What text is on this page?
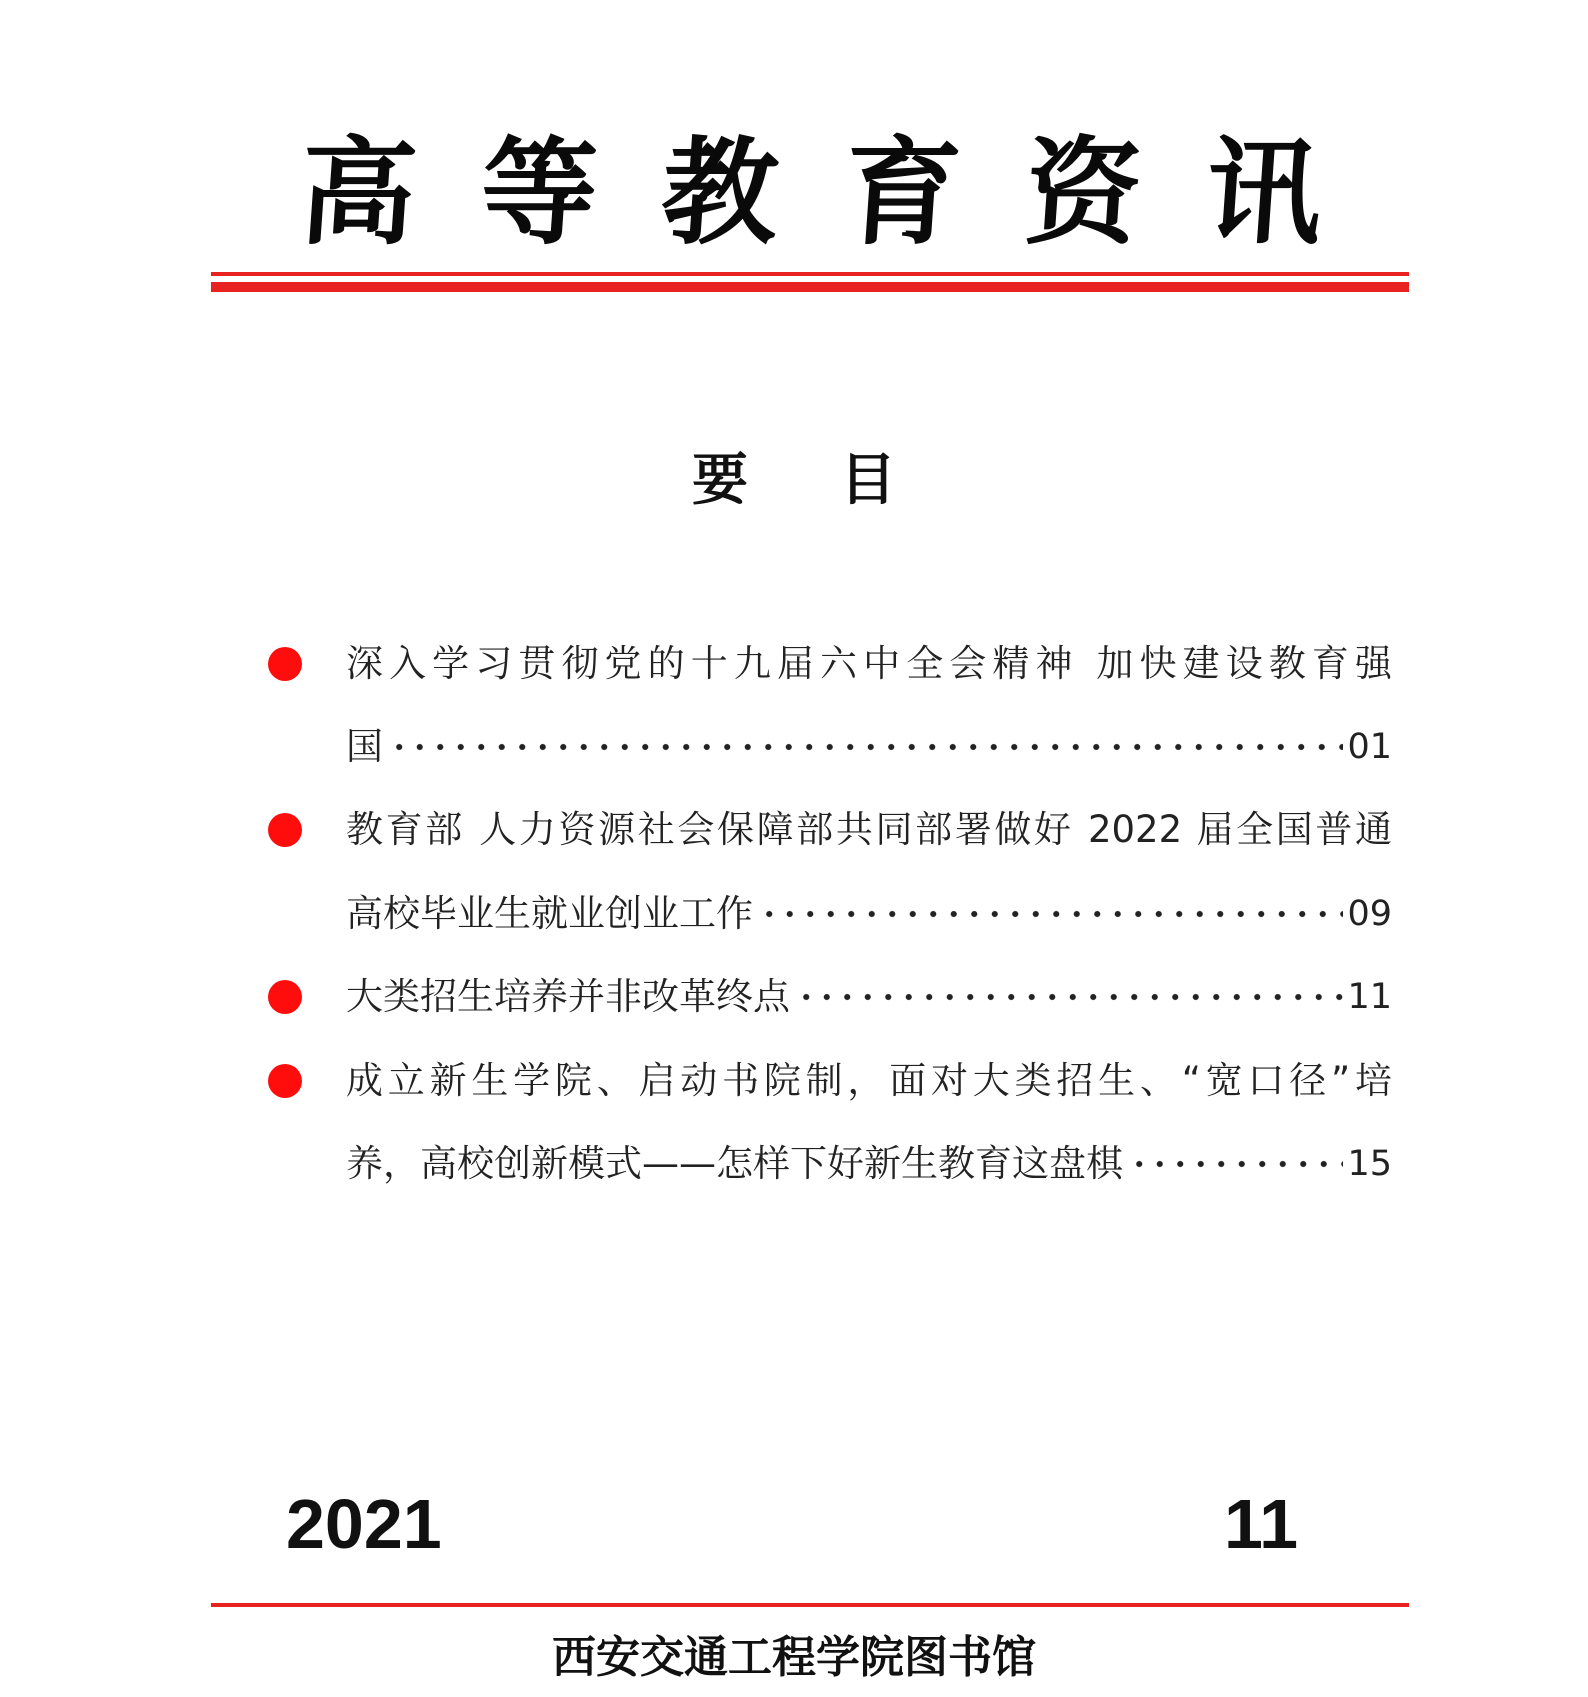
高 等 教 育 资 讯
要 目
深入学习贯彻党的十九届六中全会精神 加快建设教育强
国	01
教育部 人力资源社会保障部共同部署做好 2022 届全国普通
高校毕业生就业创业工作	09
大类招生培养并非改革终点	11
成立新生学院、启动书院制，面对大类招生、“宽口径”培
养，高校创新模式——怎样下好新生教育这盘棋	15
2021	11
西安交通工程学院图书馆
